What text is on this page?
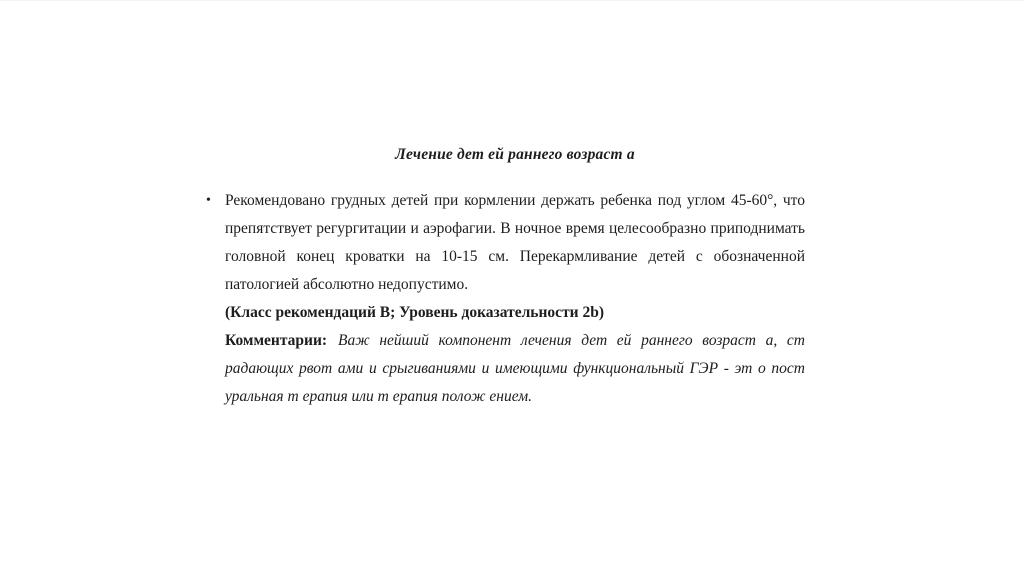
Лечение дет ей раннего возраст а
• Рекомендовано грудных детей при кормлении держать ребенка под углом 45-60°, что препятствует регургитации и аэрофагии. В ночное время целесообразно приподнимать головной конец кроватки на 10-15 см. Перекармливание детей с обозначенной патологией абсолютно недопустимо.

(Класс рекомендаций B; Уровень доказательности 2b)

Комментарии: Важ нейший компонент лечения дет ей раннего возраст а, ст радающих рвот ами и срыгиваниями и имеющими функциональный ГЭР - эт о пост уральная т ерапия или т ерапия полож ением.
